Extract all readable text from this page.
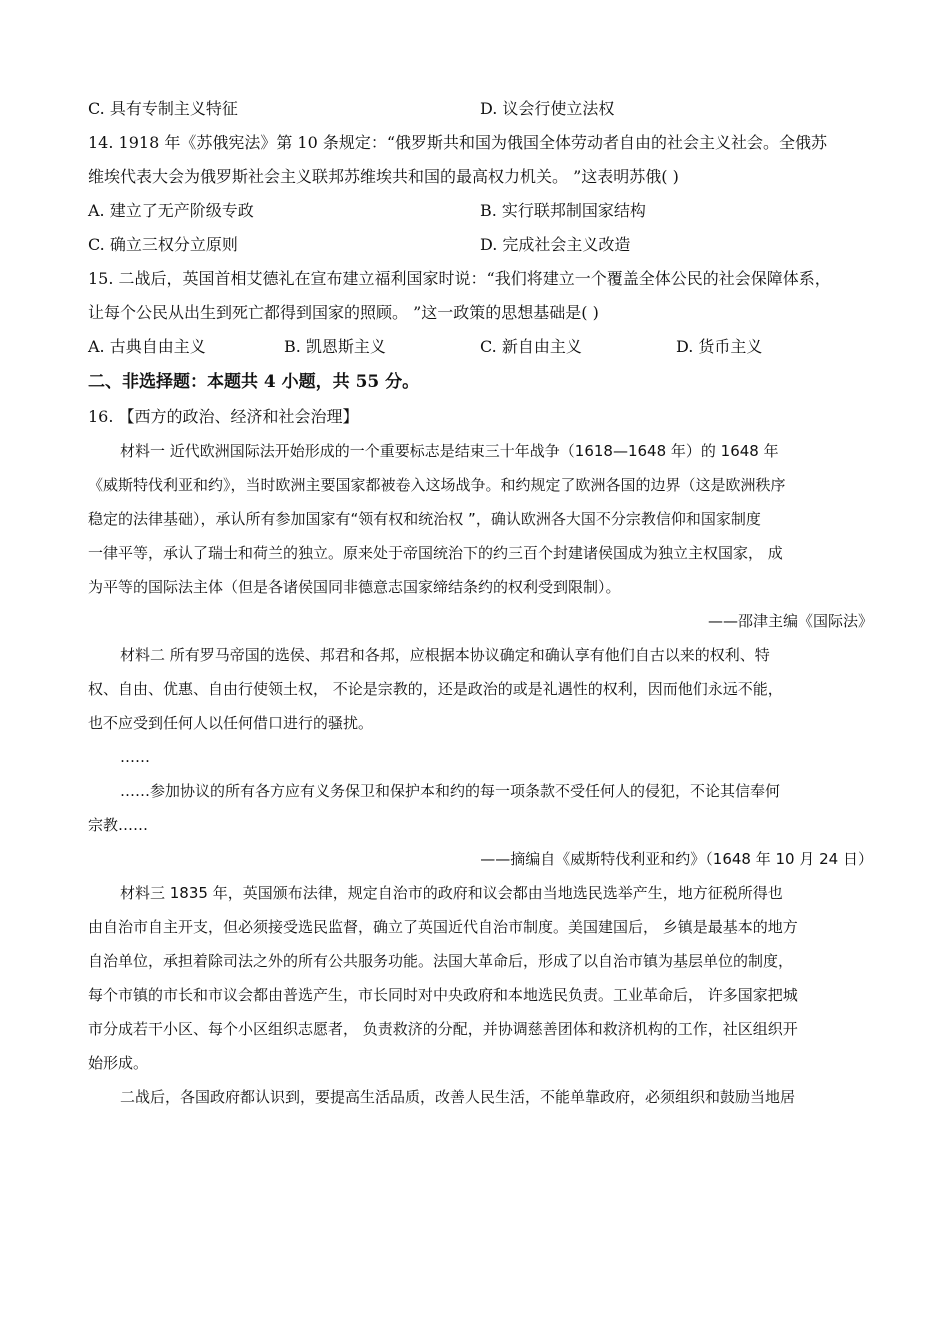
C. 具有专制主义特征	D. 议会行使立法权
14. 1918 年《苏俄宪法》第 10 条规定：“俄罗斯共和国为俄国全体劳动者自由的社会主义社会。全俄苏
维埃代表大会为俄罗斯社会主义联邦苏维埃共和国的最高权力机关。 ”这表明苏俄( )
A. 建立了无产阶级专政	B. 实行联邦制国家结构
C. 确立三权分立原则	D. 完成社会主义改造
15. 二战后，英国首相艾德礼在宣布建立福利国家时说：“我们将建立一个覆盖全体公民的社会保障体系，
让每个公民从出生到死亡都得到国家的照顾。 ”这一政策的思想基础是( )
A. 古典自由主义	B. 凯恩斯主义	C. 新自由主义	D. 货币主义
二、非选择题：本题共 4 小题，共 55 分。
16. 【西方的政治、经济和社会治理】
材料一 近代欧洲国际法开始形成的一个重要标志是结束三十年战争（1618—1648 年）的 1648 年
《威斯特伐利亚和约》，当时欧洲主要国家都被卷入这场战争。和约规定了欧洲各国的边界（这是欧洲秩序
稳定的法律基础），承认所有参加国家有“领有权和统治权 ”，确认欧洲各大国不分宗教信仰和国家制度
一律平等，承认了瑞士和荷兰的独立。原来处于帝国统治下的约三百个封建诸侯国成为独立主权国家， 成
为平等的国际法主体（但是各诸侯国同非德意志国家缔结条约的权利受到限制）。
——邵津主编《国际法》
材料二 所有罗马帝国的选侯、邦君和各邦，应根据本协议确定和确认享有他们自古以来的权利、特
权、自由、优惠、自由行使领土权， 不论是宗教的，还是政治的或是礼遇性的权利，因而他们永远不能，
也不应受到任何人以任何借口进行的骚扰。
……
……参加协议的所有各方应有义务保卫和保护本和约的每一项条款不受任何人的侵犯，不论其信奉何
宗教……
——摘编自《威斯特伐利亚和约》（1648 年 10 月 24 日）
材料三 1835 年，英国颁布法律，规定自治市的政府和议会都由当地选民选举产生，地方征税所得也
由自治市自主开支，但必须接受选民监督，确立了英国近代自治市制度。美国建国后， 乡镇是最基本的地方
自治单位，承担着除司法之外的所有公共服务功能。法国大革命后，形成了以自治市镇为基层单位的制度，
每个市镇的市长和市议会都由普选产生，市长同时对中央政府和本地选民负责。工业革命后， 许多国家把城
市分成若干小区、每个小区组织志愿者， 负责救济的分配，并协调慈善团体和救济机构的工作，社区组织开
始形成。
二战后，各国政府都认识到，要提高生活品质，改善人民生活，不能单靠政府，必须组织和鼓励当地居
